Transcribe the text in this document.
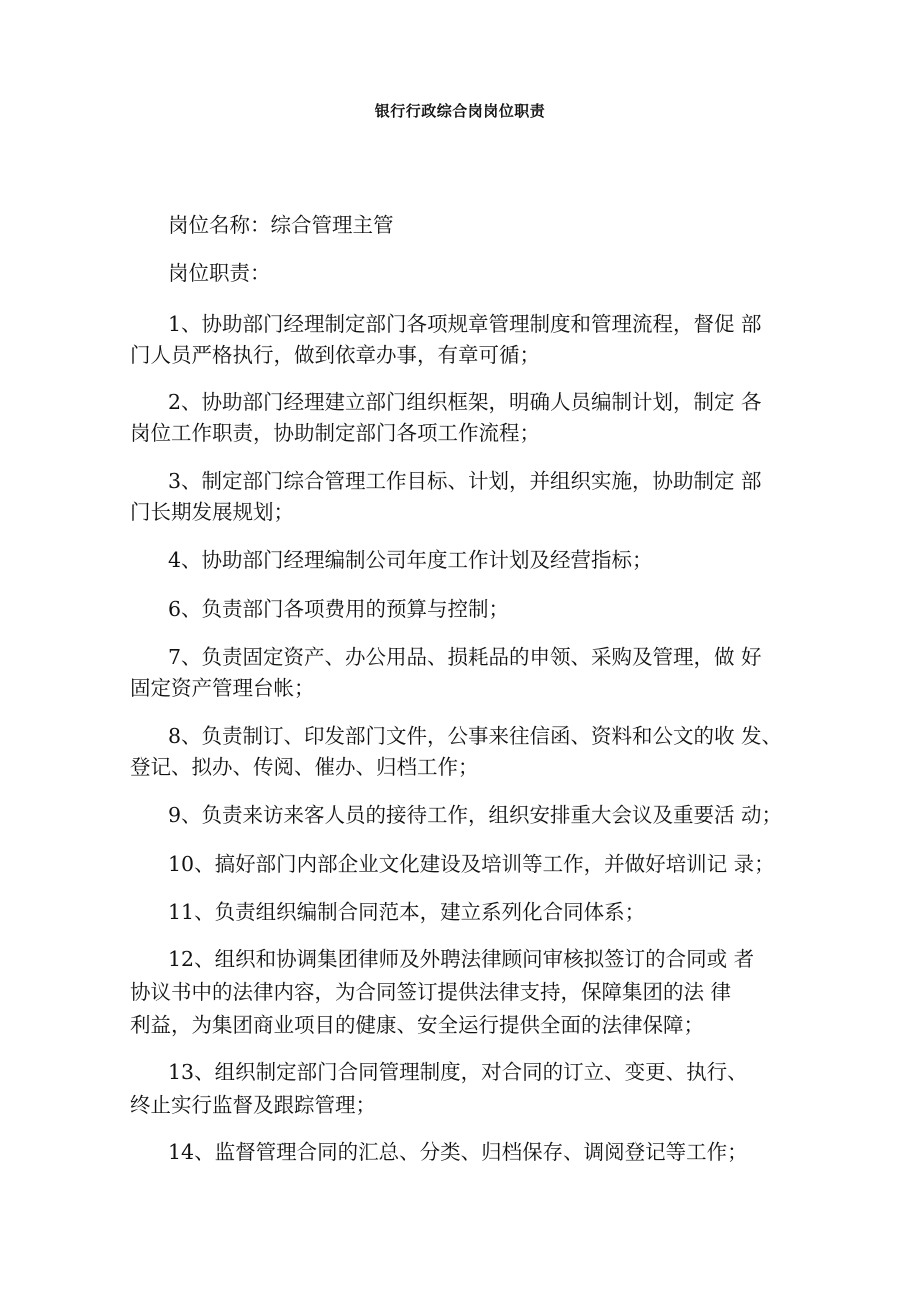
银行行政综合岗岗位职责
岗位名称：综合管理主管
岗位职责：
1、协助部门经理制定部门各项规章管理制度和管理流程，督促 部
门人员严格执行，做到依章办事，有章可循；
2、协助部门经理建立部门组织框架，明确人员编制计划，制定 各
岗位工作职责，协助制定部门各项工作流程；
3、制定部门综合管理工作目标、计划，并组织实施，协助制定 部
门长期发展规划；
4、协助部门经理编制公司年度工作计划及经营指标；
6、负责部门各项费用的预算与控制；
7、负责固定资产、办公用品、损耗品的申领、采购及管理，做 好
固定资产管理台帐；
8、负责制订、印发部门文件，公事来往信函、资料和公文的收 发、
登记、拟办、传阅、催办、归档工作；
9、负责来访来客人员的接待工作，组织安排重大会议及重要活 动；
10、搞好部门内部企业文化建设及培训等工作，并做好培训记 录；
11、负责组织编制合同范本，建立系列化合同体系；
12、组织和协调集团律师及外聘法律顾问审核拟签订的合同或 者
协议书中的法律内容，为合同签订提供法律支持，保障集团的法 律
利益，为集团商业项目的健康、安全运行提供全面的法律保障；
13、组织制定部门合同管理制度，对合同的订立、变更、执行、
终止实行监督及跟踪管理；
14、监督管理合同的汇总、分类、归档保存、调阅登记等工作；
